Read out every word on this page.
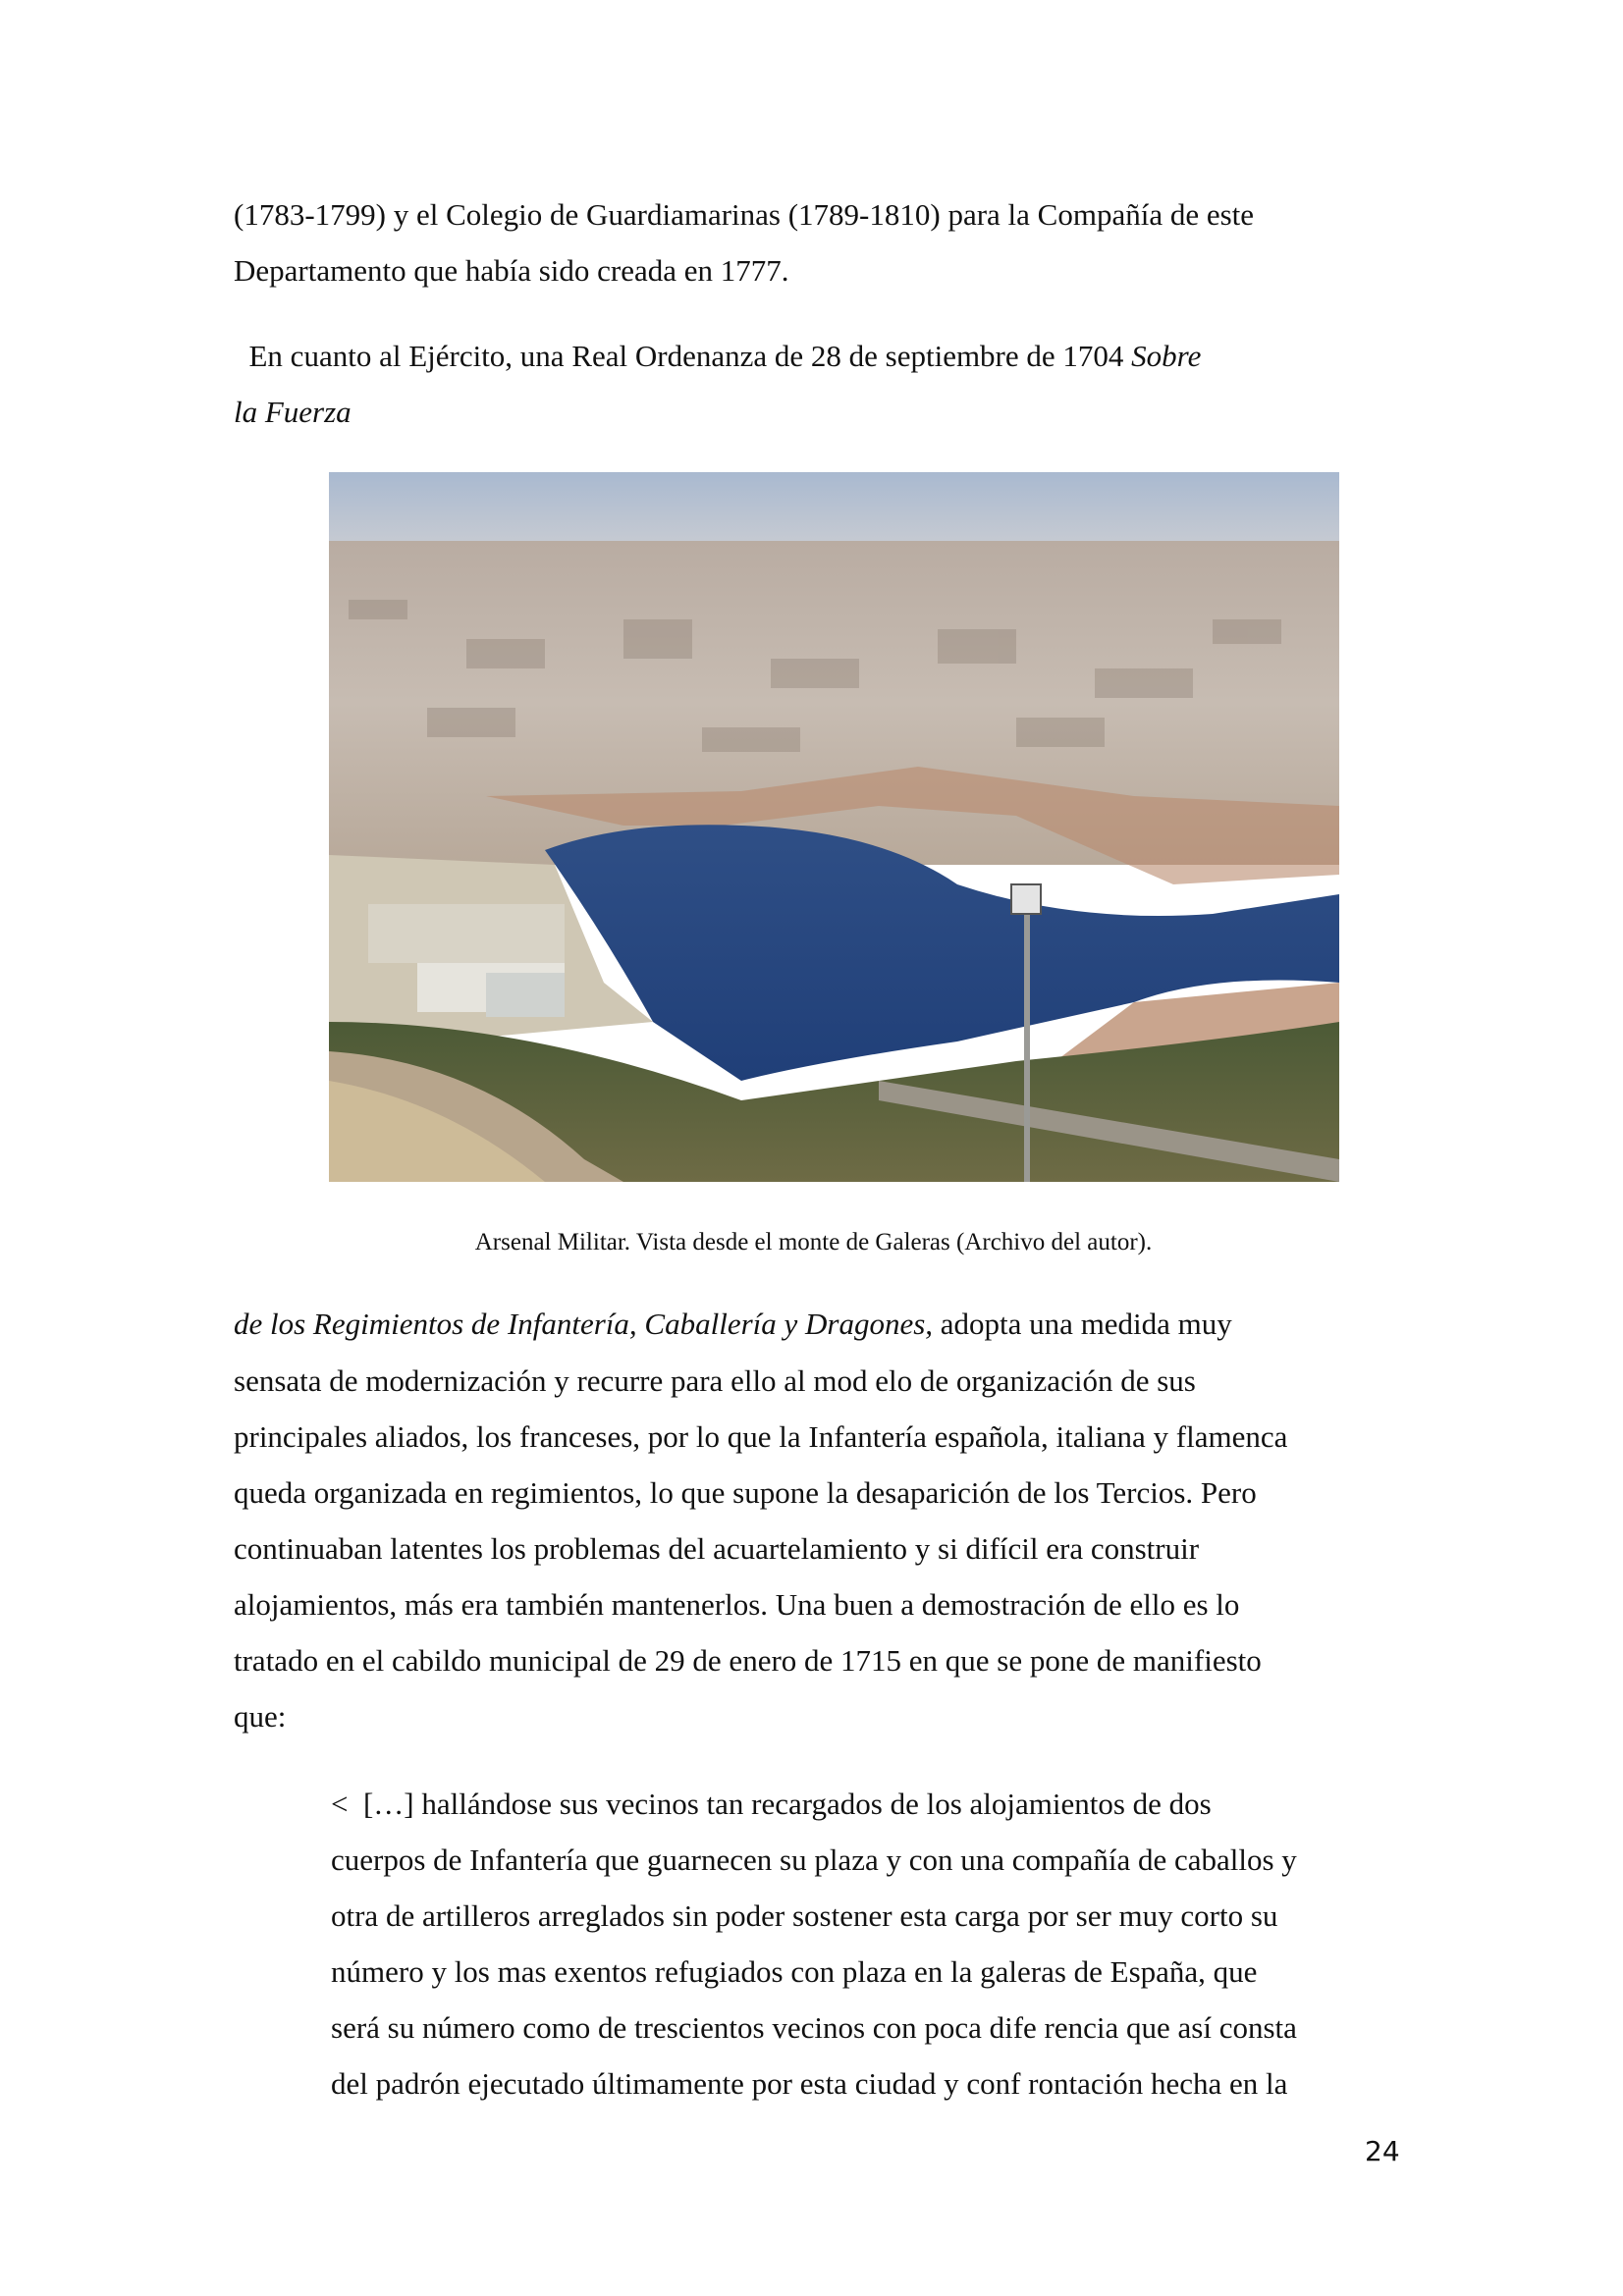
(1783-1799) y el Colegio de Guardiamarinas (1789-1810) para la Compañía de este
Departamento que había sido creada en 1777.
En cuanto al Ejército, una Real Ordenanza de 28 de septiembre de 1704 Sobre
la Fuerza
Arsenal Militar. Vista desde el monte de Galeras (Archivo del autor).
de los Regimientos de Infantería, Caballería y Dragones, adopta una medida muy
sensata de modernización y recurre para ello al mod elo de organización de sus
principales aliados, los franceses, por lo que la Infantería española, italiana y flamenca
queda organizada en regimientos, lo que supone la desaparición de los Tercios. Pero
continuaban latentes los problemas del acuartelamiento y si difícil era construir
alojamientos, más era también mantenerlos. Una buen a demostración de ello es lo
tratado en el cabildo municipal de 29 de enero de 1715 en que se pone de manifiesto
que:
<  […] hallándose sus vecinos tan recargados de los alojamientos de dos
cuerpos de Infantería que guarnecen su plaza y con una compañía de caballos y
otra de artilleros arreglados sin poder sostener esta carga por ser muy corto su
número y los mas exentos refugiados con plaza en la galeras de España, que
será su número como de trescientos vecinos con poca dife rencia que así consta
del padrón ejecutado últimamente por esta ciudad y conf rontación hecha en la
24
